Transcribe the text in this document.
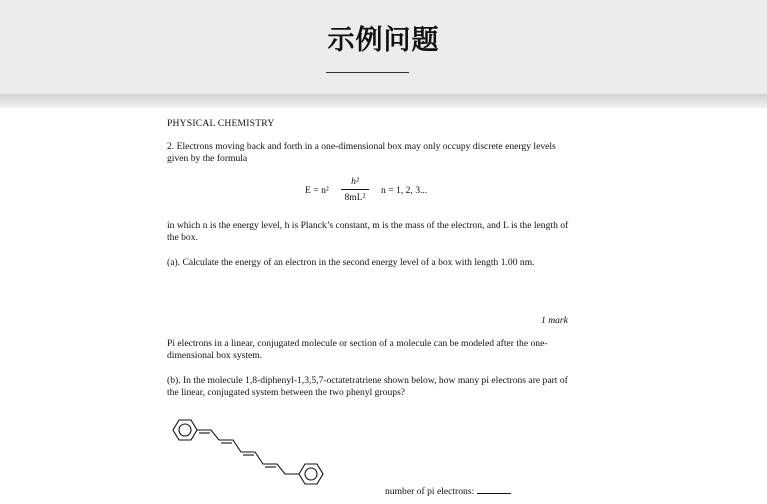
示例问题
PHYSICAL CHEMISTRY
2. Electrons moving back and forth in a one-dimensional box may only occupy discrete energy levels given by the formula
E = n²
h²
8mL²
n = 1, 2, 3...
in which n is the energy level, h is Planck’s constant, m is the mass of the electron, and L is the length of the box.
(a). Calculate the energy of an electron in the second energy level of a box with length 1.00 nm.
1 mark
Pi electrons in a linear, conjugated molecule or section of a molecule can be modeled after the one-dimensional box system.
(b). In the molecule 1,8-diphenyl-1,3,5,7-octatetratriene shown below, how many pi electrons are part of the linear, conjugated system between the two phenyl groups?
number of pi electrons:
